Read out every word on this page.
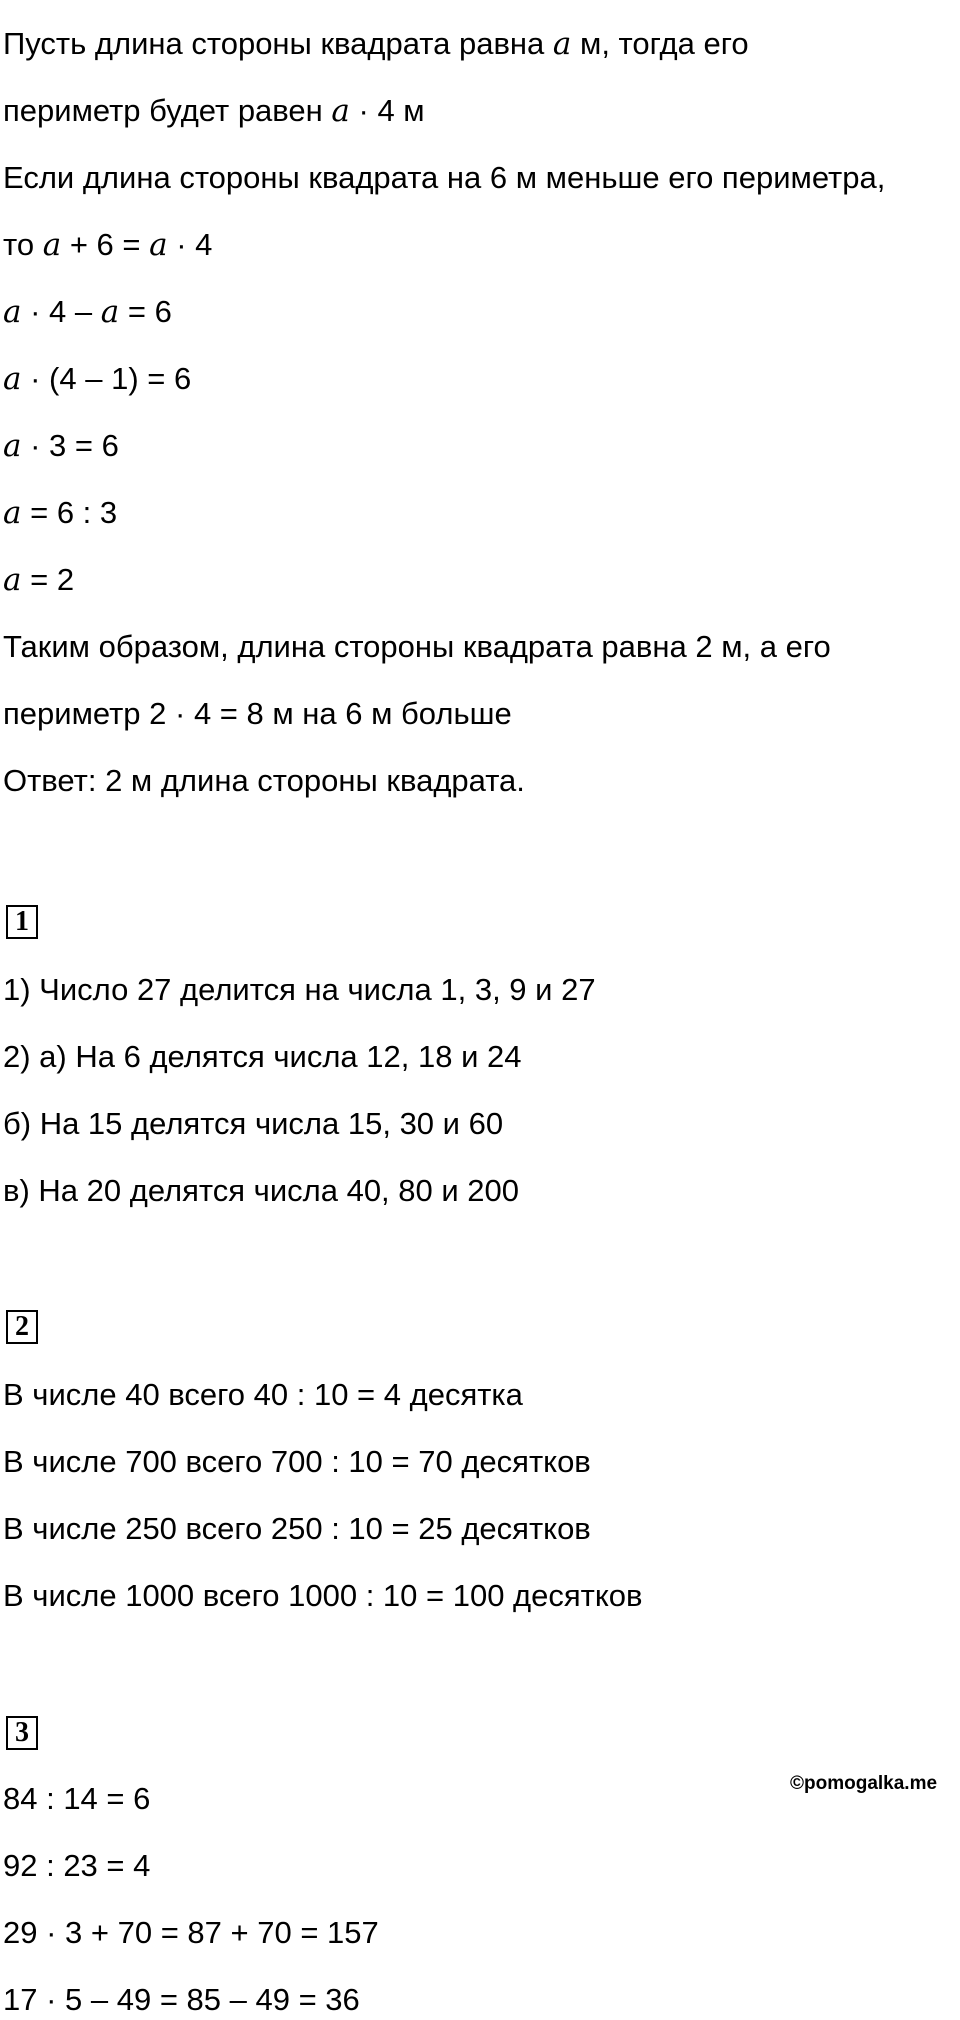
Пусть длина стороны квадрата равна a м, тогда его
периметр будет равен a · 4 м
Если длина стороны квадрата на 6 м меньше его периметра,
то a + 6 = a · 4
a · 4 – a = 6
a · (4 – 1) = 6
a · 3 = 6
a = 6 : 3
a = 2
Таким образом, длина стороны квадрата равна 2 м, а его
периметр 2 · 4 = 8 м на 6 м больше
Ответ: 2 м длина стороны квадрата.
1
1) Число 27 делится на числа 1, 3, 9 и 27
2) а) На 6 делятся числа 12, 18 и 24
б) На 15 делятся числа 15, 30 и 60
в) На 20 делятся числа 40, 80 и 200
2
В числе 40 всего 40 : 10 = 4 десятка
В числе 700 всего 700 : 10 = 70 десятков
В числе 250 всего 250 : 10 = 25 десятков
В числе 1000 всего 1000 : 10 = 100 десятков
3
84 : 14 = 6
92 : 23 = 4
29 · 3 + 70 = 87 + 70 = 157
17 · 5 – 49 = 85 – 49 = 36
©pomogalka.me
